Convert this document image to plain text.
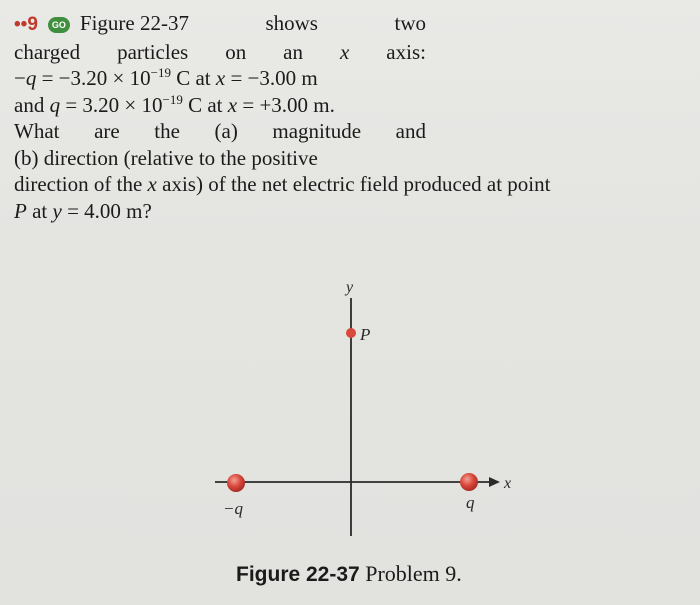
••9 GO Figure 22-37	shows	two
charged particles on an x axis:
$-q = -3.20 \times 10^{-19}$ C at x = −3.00 m
and $q = 3.20 \times 10^{-19}$ C at x = +3.00 m.
What are the (a) magnitude and
(b) direction (relative to the positive
direction of the x axis) of the net electric field produced at point
P at y = 4.00 m?
y
x
P
−q	q
Figure 22-37 Problem 9.
